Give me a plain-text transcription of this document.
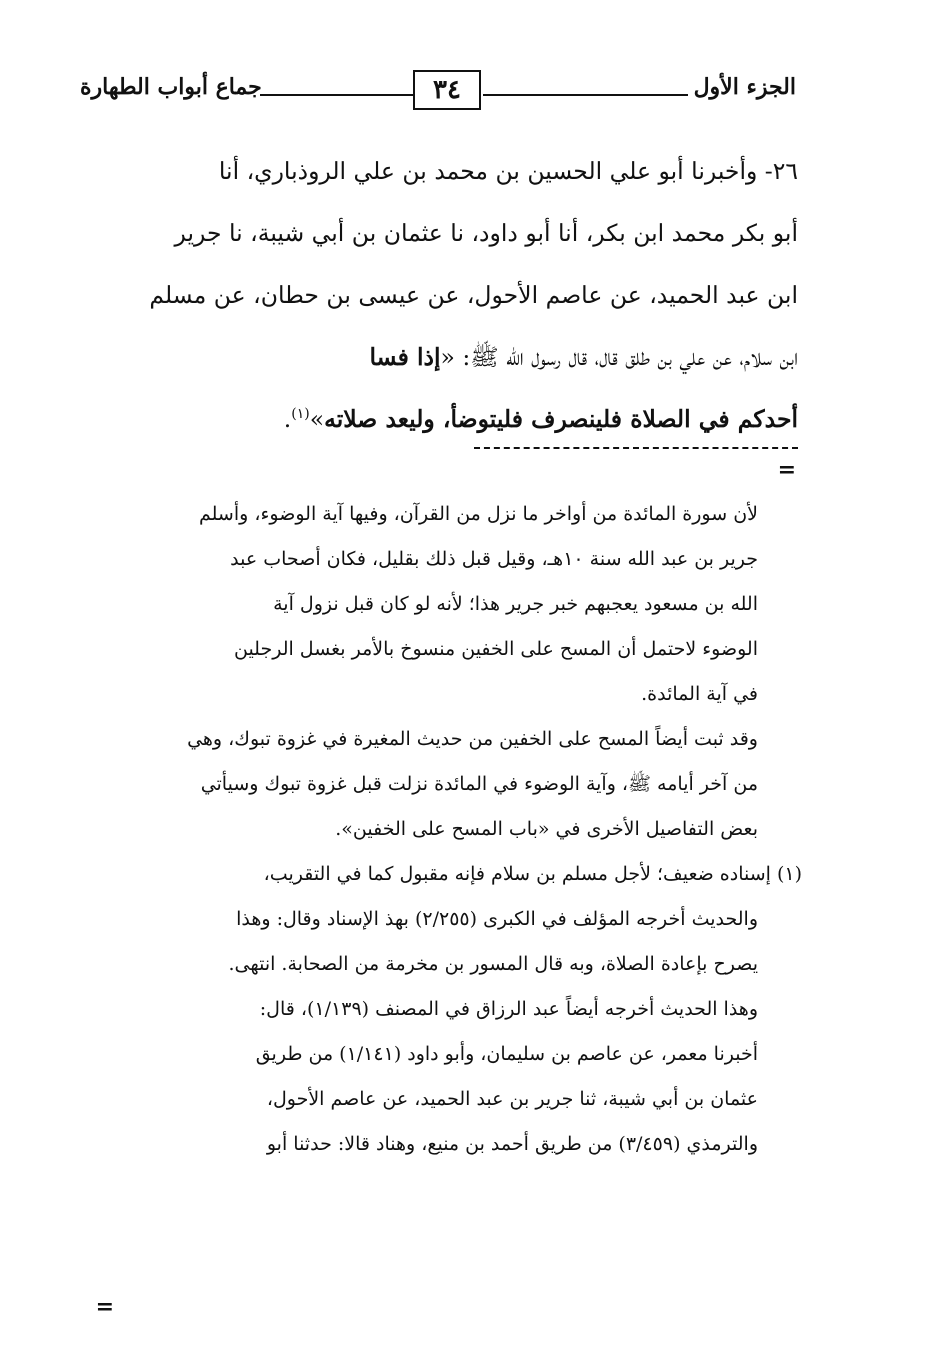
الجزء الأول
٣٤
جماع أبواب الطهارة
٢٦- وأخبرنا أبو علي الحسين بن محمد بن علي الروذباري، أنا
أبو بكر محمد ابن بكر، أنا أبو داود، نا عثمان بن أبي شيبة، نا جرير
ابن عبد الحميد، عن عاصم الأحول، عن عيسى بن حطان، عن مسلم
ابن سلام، عن علي بن طلق قال، قال رسول الله ﷺ: «إذا فسا
أحدكم في الصلاة فلينصرف فليتوضأ، وليعد صلاته»$^{(١)}$.
=

لأن سورة المائدة من أواخر ما نزل من القرآن، وفيها آية الوضوء، وأسلم

جرير بن عبد الله سنة ١٠هـ، وقيل قبل ذلك بقليل، فكان أصحاب عبد

الله بن مسعود يعجبهم خبر جرير هذا؛ لأنه لو كان قبل نزول آية

الوضوء لاحتمل أن المسح على الخفين منسوخ بالأمر بغسل الرجلين

في آية المائدة.

وقد ثبت أيضاً المسح على الخفين من حديث المغيرة في غزوة تبوك، وهي

من آخر أيامه ﷺ، وآية الوضوء في المائدة نزلت قبل غزوة تبوك وسيأتي

بعض التفاصيل الأخرى في «باب المسح على الخفين».

(١)إسناده ضعيف؛ لأجل مسلم بن سلام فإنه مقبول كما في التقريب،

والحديث أخرجه المؤلف في الكبرى (٢/٢٥٥) بهذ الإسناد وقال: وهذا

يصرح بإعادة الصلاة، وبه قال المسور بن مخرمة من الصحابة. انتهى.

وهذا الحديث أخرجه أيضاً عبد الرزاق في المصنف (١/١٣٩)، قال:

أخبرنا معمر، عن عاصم بن سليمان، وأبو داود (١/١٤١) من طريق

عثمان بن أبي شيبة، ثنا جرير بن عبد الحميد، عن عاصم الأحول،

والترمذي (٣/٤٥٩) من طريق أحمد بن منيع، وهناد قالا: حدثنا أبو

=
